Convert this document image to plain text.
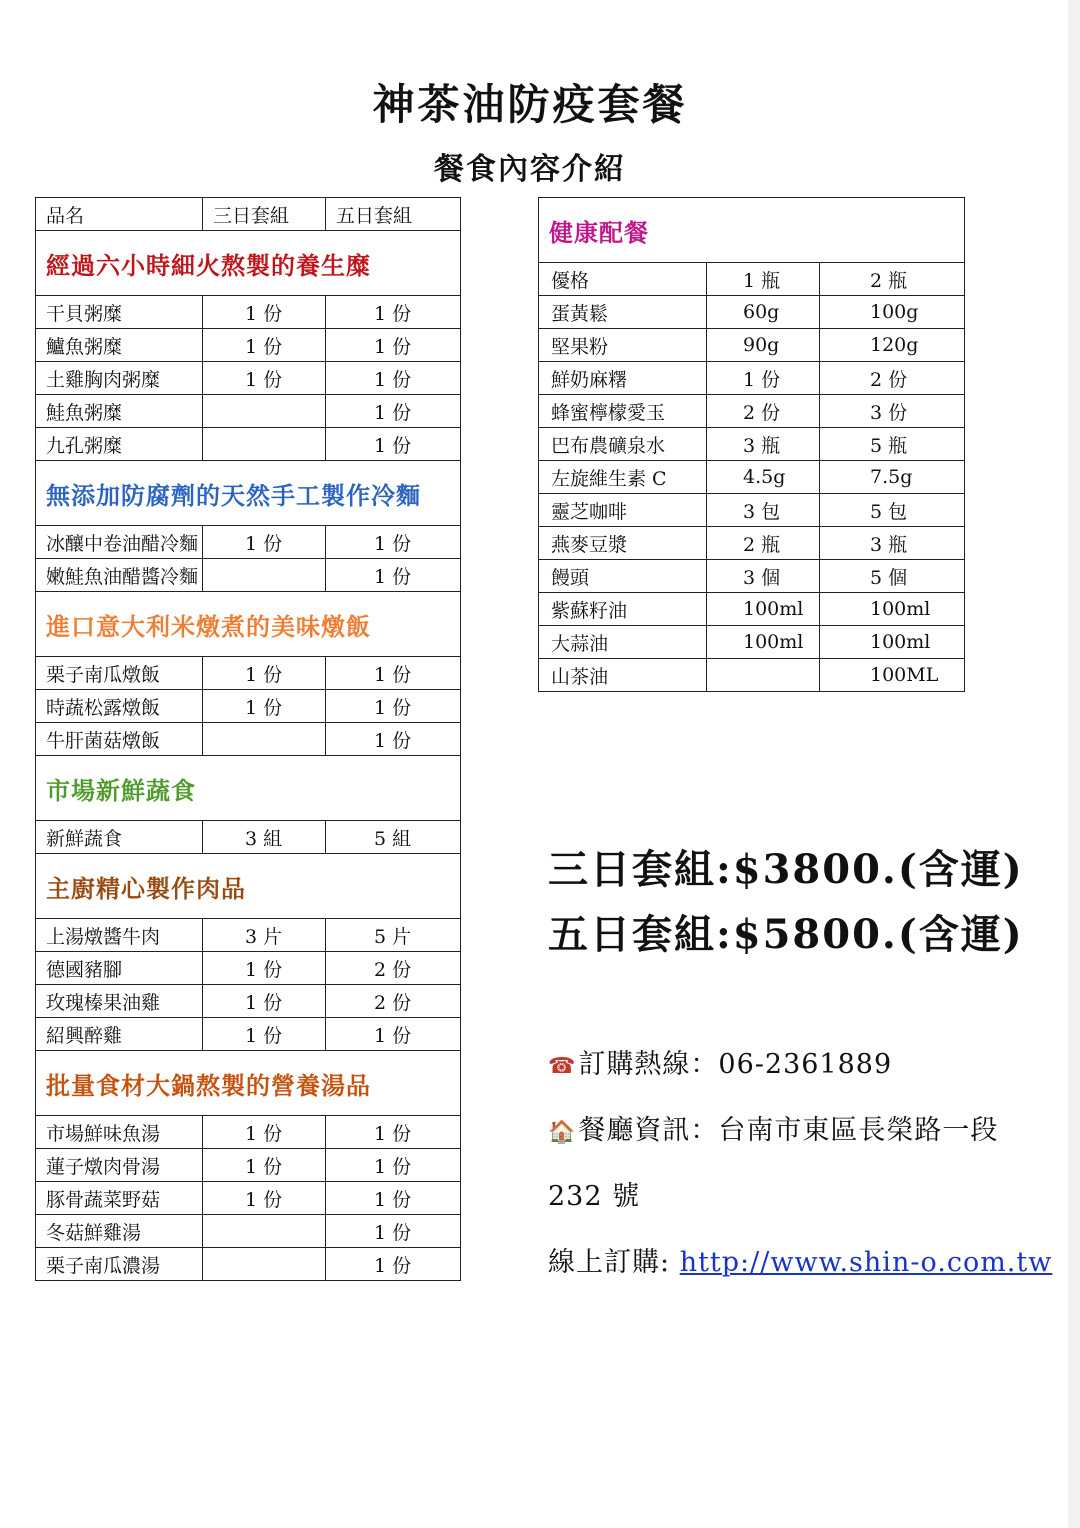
神茶油防疫套餐
餐食內容介紹
品名	三日套組	五日套組
經過六小時細火熬製的養生糜		
干貝粥糜	1 份	1 份
鱸魚粥糜	1 份	1 份
土雞胸肉粥糜	1 份	1 份
鮭魚粥糜		1 份
九孔粥糜		1 份
無添加防腐劑的天然手工製作冷麵		
冰釀中卷油醋冷麵	1 份	1 份
嫩鮭魚油醋醬冷麵		1 份
進口意大利米燉煮的美味燉飯		
栗子南瓜燉飯	1 份	1 份
時蔬松露燉飯	1 份	1 份
牛肝菌菇燉飯		1 份
市場新鮮蔬食		
新鮮蔬食	3 組	5 組
主廚精心製作肉品		
上湯燉醬牛肉	3 片	5 片
德國豬腳	1 份	2 份
玫瑰榛果油雞	1 份	2 份
紹興醉雞	1 份	1 份
批量食材大鍋熬製的營養湯品		
市場鮮味魚湯	1 份	1 份
蓮子燉肉骨湯	1 份	1 份
豚骨蔬菜野菇	1 份	1 份
冬菇鮮雞湯		1 份
栗子南瓜濃湯		1 份
健康配餐		
優格	1 瓶	2 瓶
蛋黃鬆	60g	100g
堅果粉	90g	120g
鮮奶麻糬	1 份	2 份
蜂蜜檸檬愛玉	2 份	3 份
巴布農礦泉水	3 瓶	5 瓶
左旋維生素 C	4.5g	7.5g
靈芝咖啡	3 包	5 包
燕麥豆漿	2 瓶	3 瓶
饅頭	3 個	5 個
紫蘇籽油	100ml	100ml
大蒜油	100ml	100ml
山茶油		100ML
三日套組:$3800.(含運)
五日套組:$5800.(含運)
☎訂購熱線：06-2361889
🏠餐廳資訊：台南市東區長榮路一段
232 號
線上訂購: http://www.shin-o.com.tw
